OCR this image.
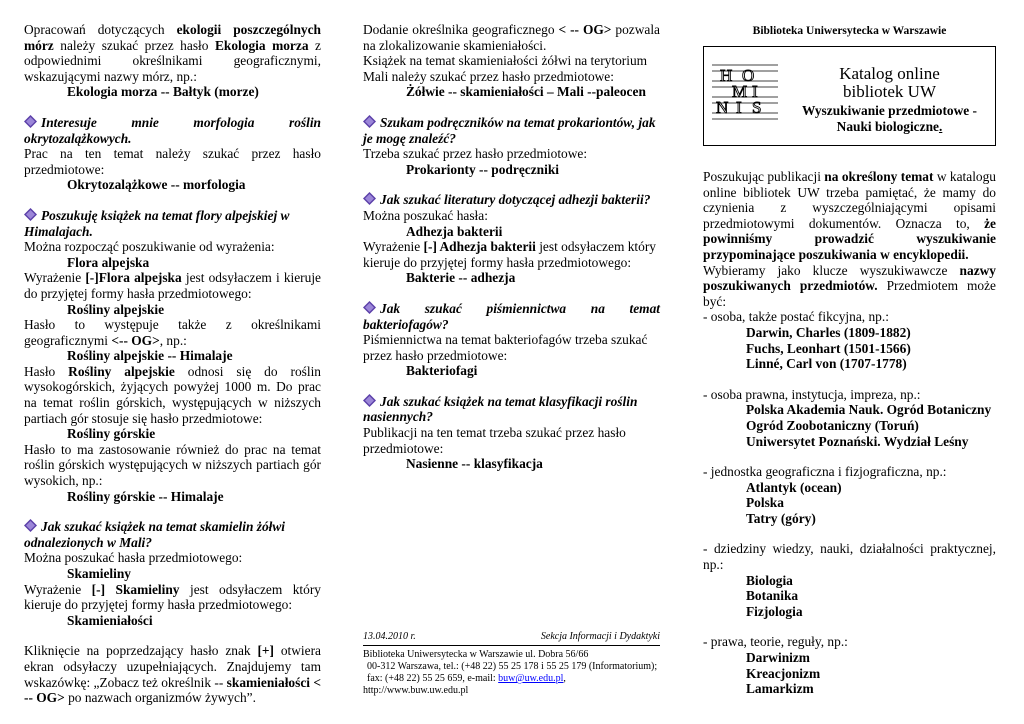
Opracowań dotyczących ekologii poszczególnych mórz należy szukać przez hasło Ekologia morza z odpowiednimi określnikami geograficznymi, wskazującymi nazwy mórz, np.:

Ekologia morza -- Bałtyk (morze)

Interesuje mnie morfologia roślin okrytozalążkowych.

Prac na ten temat należy szukać przez hasło przedmiotowe:

Okrytozalążkowe -- morfologia

Poszukuję książek na temat flory alpejskiej w Himalajach.

Można rozpocząć poszukiwanie od wyrażenia:

Flora alpejska

Wyrażenie [-]Flora alpejska jest odsyłaczem i kieruje do przyjętej formy hasła przedmiotowego:

Rośliny alpejskie

Hasło to występuje także z określnikami geograficznymi <-- OG>, np.:

Rośliny alpejskie -- Himalaje

Hasło Rośliny alpejskie odnosi się do roślin wysokogórskich, żyjących powyżej 1000 m. Do prac na temat roślin górskich, występujących w niższych partiach gór stosuje się hasło przedmiotowe:

Rośliny górskie

Hasło to ma zastosowanie również do prac na temat roślin górskich występujących w niższych partiach gór wysokich, np.:

Rośliny górskie -- Himalaje

Jak szukać książek na temat skamielin żółwi odnalezionych w Mali?

Można poszukać hasła przedmiotowego:

Skamieliny

Wyrażenie [-] Skamieliny jest odsyłaczem który kieruje do przyjętej formy hasła przedmiotowego:

Skamieniałości

Kliknięcie na poprzedzający hasło znak [+] otwiera ekran odsyłaczy uzupełniających. Znajdujemy tam wskazówkę: „Zobacz też określnik -- skamieniałości < -- OG> po nazwach organizmów żywych”.

Dodanie określnika geograficznego < -- OG> pozwala na zlokalizowanie skamieniałości.

Książek na temat skamieniałości żółwi na terytorium Mali należy szukać przez hasło przedmiotowe:

Żółwie -- skamieniałości – Mali --paleocen

Szukam podręczników na temat prokariontów, jak je mogę znaleźć?

Trzeba szukać przez hasło przedmiotowe:

Prokarionty -- podręczniki

Jak szukać literatury dotyczącej adhezji bakterii?

Można poszukać hasła:

Adhezja bakterii

Wyrażenie [-] Adhezja bakterii jest odsyłaczem który kieruje do przyjętej formy hasła przedmiotowego:

Bakterie -- adhezja

Jak szukać piśmiennictwa na temat bakteriofagów?

Piśmiennictwa na temat bakteriofagów trzeba szukać przez hasło przedmiotowe:

Bakteriofagi

Jak szukać książek na temat klasyfikacji roślin nasiennych?

Publikacji na ten temat trzeba szukać przez hasło przedmiotowe:

Nasienne -- klasyfikacja

13.04.2010 r.	Sekcja Informacji i Dydaktyki
Biblioteka Uniwersytecka w Warszawie ul. Dobra 56/66
00-312 Warszawa, tel.: (+48 22) 55 25 178 i 55 25 179 (Informatorium);
fax: (+48 22) 55 25 659, e-mail: buw@uw.edu.pl,
http://www.buw.uw.edu.pl
Biblioteka Uniwersytecka w Warszawie
H O
M I
N I S
Katalog online
bibliotek UW
Wyszukiwanie przedmiotowe -
Nauki biologiczne.

Poszukując publikacji na określony temat w katalogu online bibliotek UW trzeba pamiętać, że mamy do czynienia z wyszczególniającymi opisami przedmiotowymi dokumentów. Oznacza to, że powinniśmy prowadzić wyszukiwanie przypominające poszukiwania w encyklopedii.

Wybieramy jako klucze wyszukiwawcze nazwy poszukiwanych przedmiotów. Przedmiotem może być:

- osoba, także postać fikcyjna, np.:

Darwin, Charles (1809-1882)
Fuchs, Leonhart (1501-1566)
Linné, Carl von (1707-1778)

- osoba prawna, instytucja, impreza, np.:

Polska Akademia Nauk. Ogród Botaniczny
Ogród Zoobotaniczny (Toruń)
Uniwersytet Poznański. Wydział Leśny

- jednostka geograficzna i fizjograficzna, np.:

Atlantyk (ocean)
Polska
Tatry (góry)

- dziedziny wiedzy, nauki, działalności praktycznej, np.:

Biologia
Botanika
Fizjologia

- prawa, teorie, reguły, np.:

Darwinizm
Kreacjonizm
Lamarkizm
